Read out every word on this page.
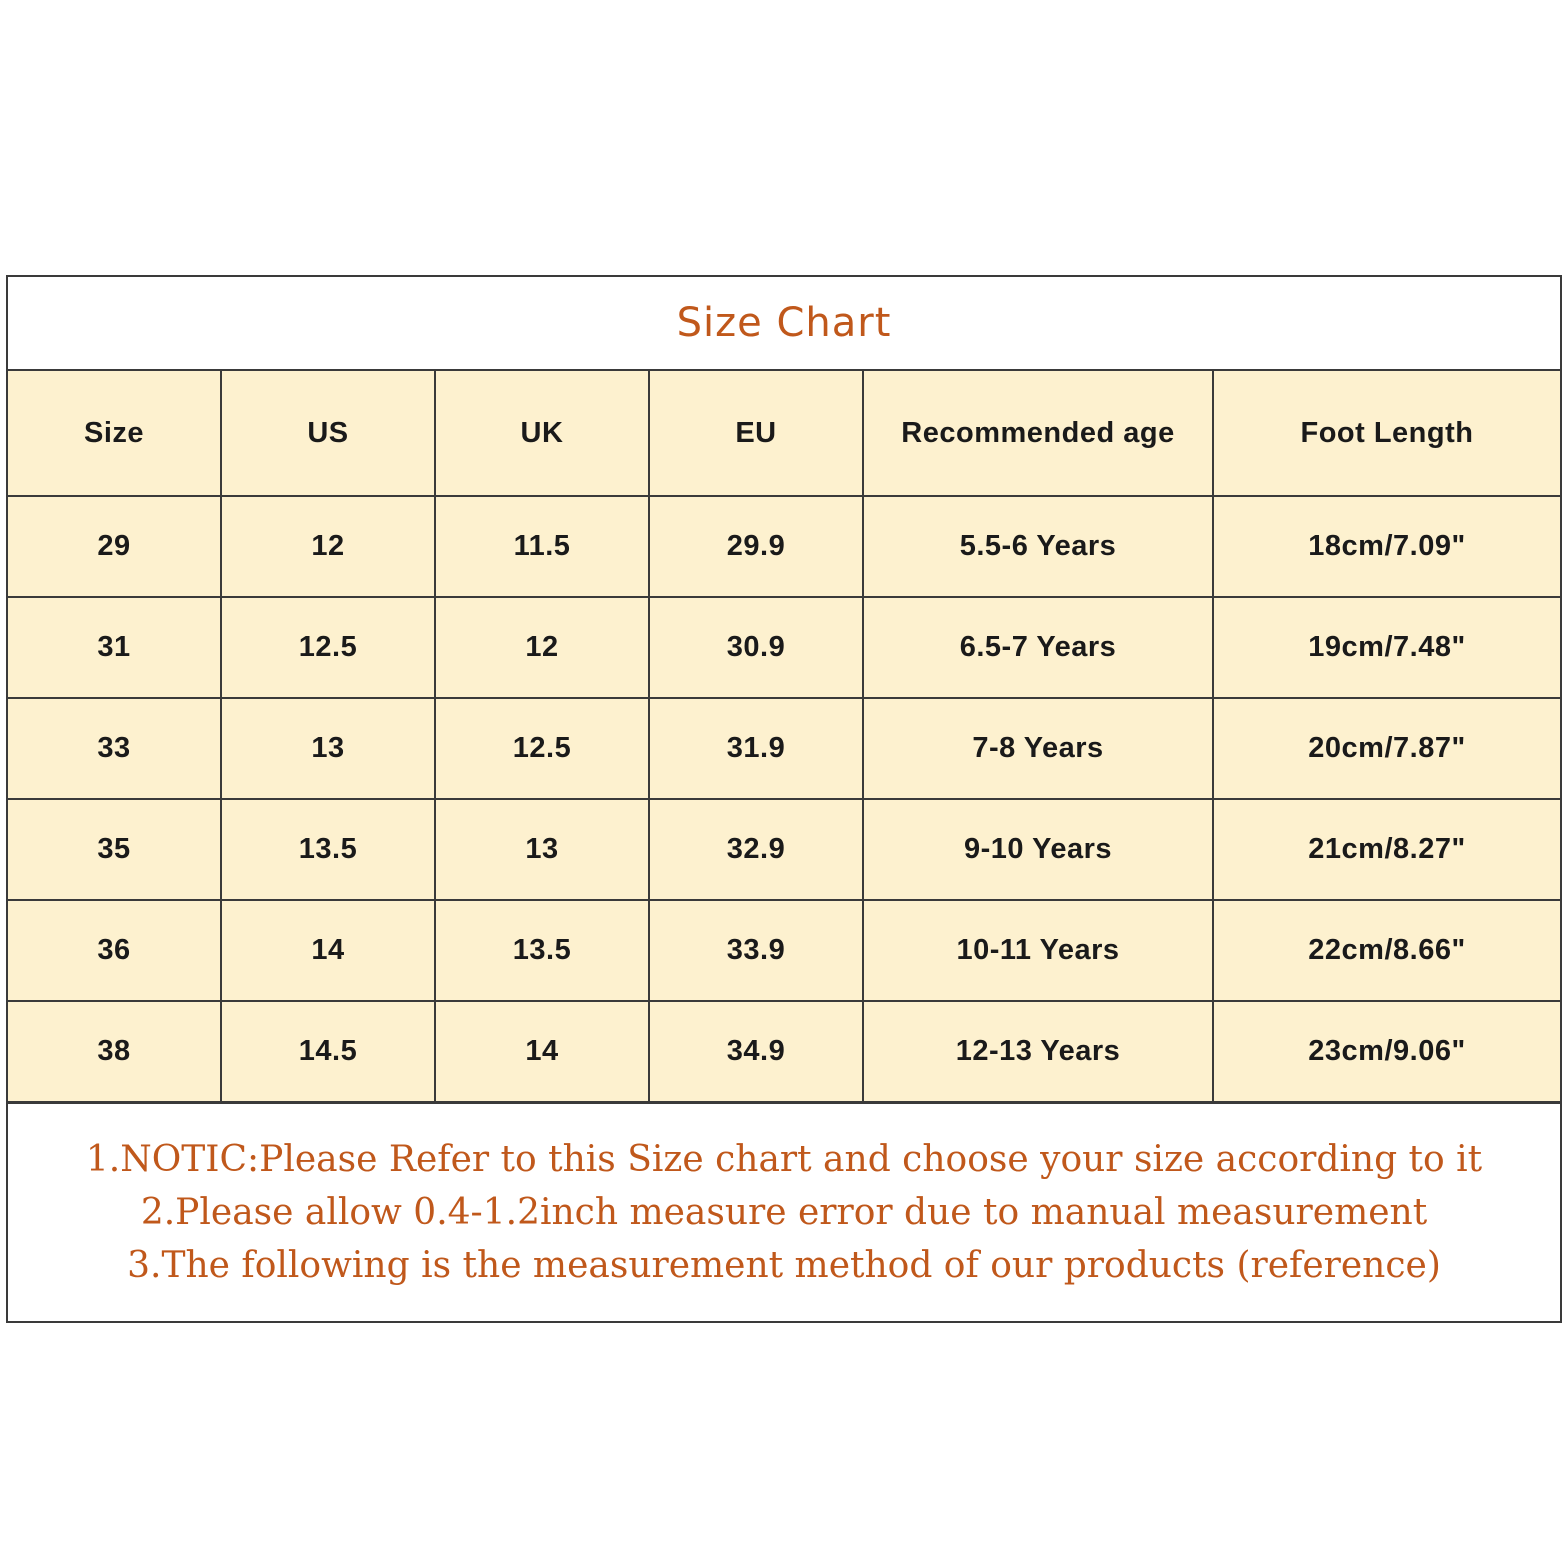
Size Chart
Size	US	UK	EU	Recommended age	Foot Length
29	12	11.5	29.9	5.5-6 Years	18cm/7.09"
31	12.5	12	30.9	6.5-7 Years	19cm/7.48"
33	13	12.5	31.9	7-8 Years	20cm/7.87"
35	13.5	13	32.9	9-10 Years	21cm/8.27"
36	14	13.5	33.9	10-11 Years	22cm/8.66"
38	14.5	14	34.9	12-13 Years	23cm/9.06"
1.NOTIC:Please Refer to this Size chart and choose your size according to it
2.Please allow 0.4-1.2inch measure error due to manual measurement
3.The following is the measurement method of our products (reference)
